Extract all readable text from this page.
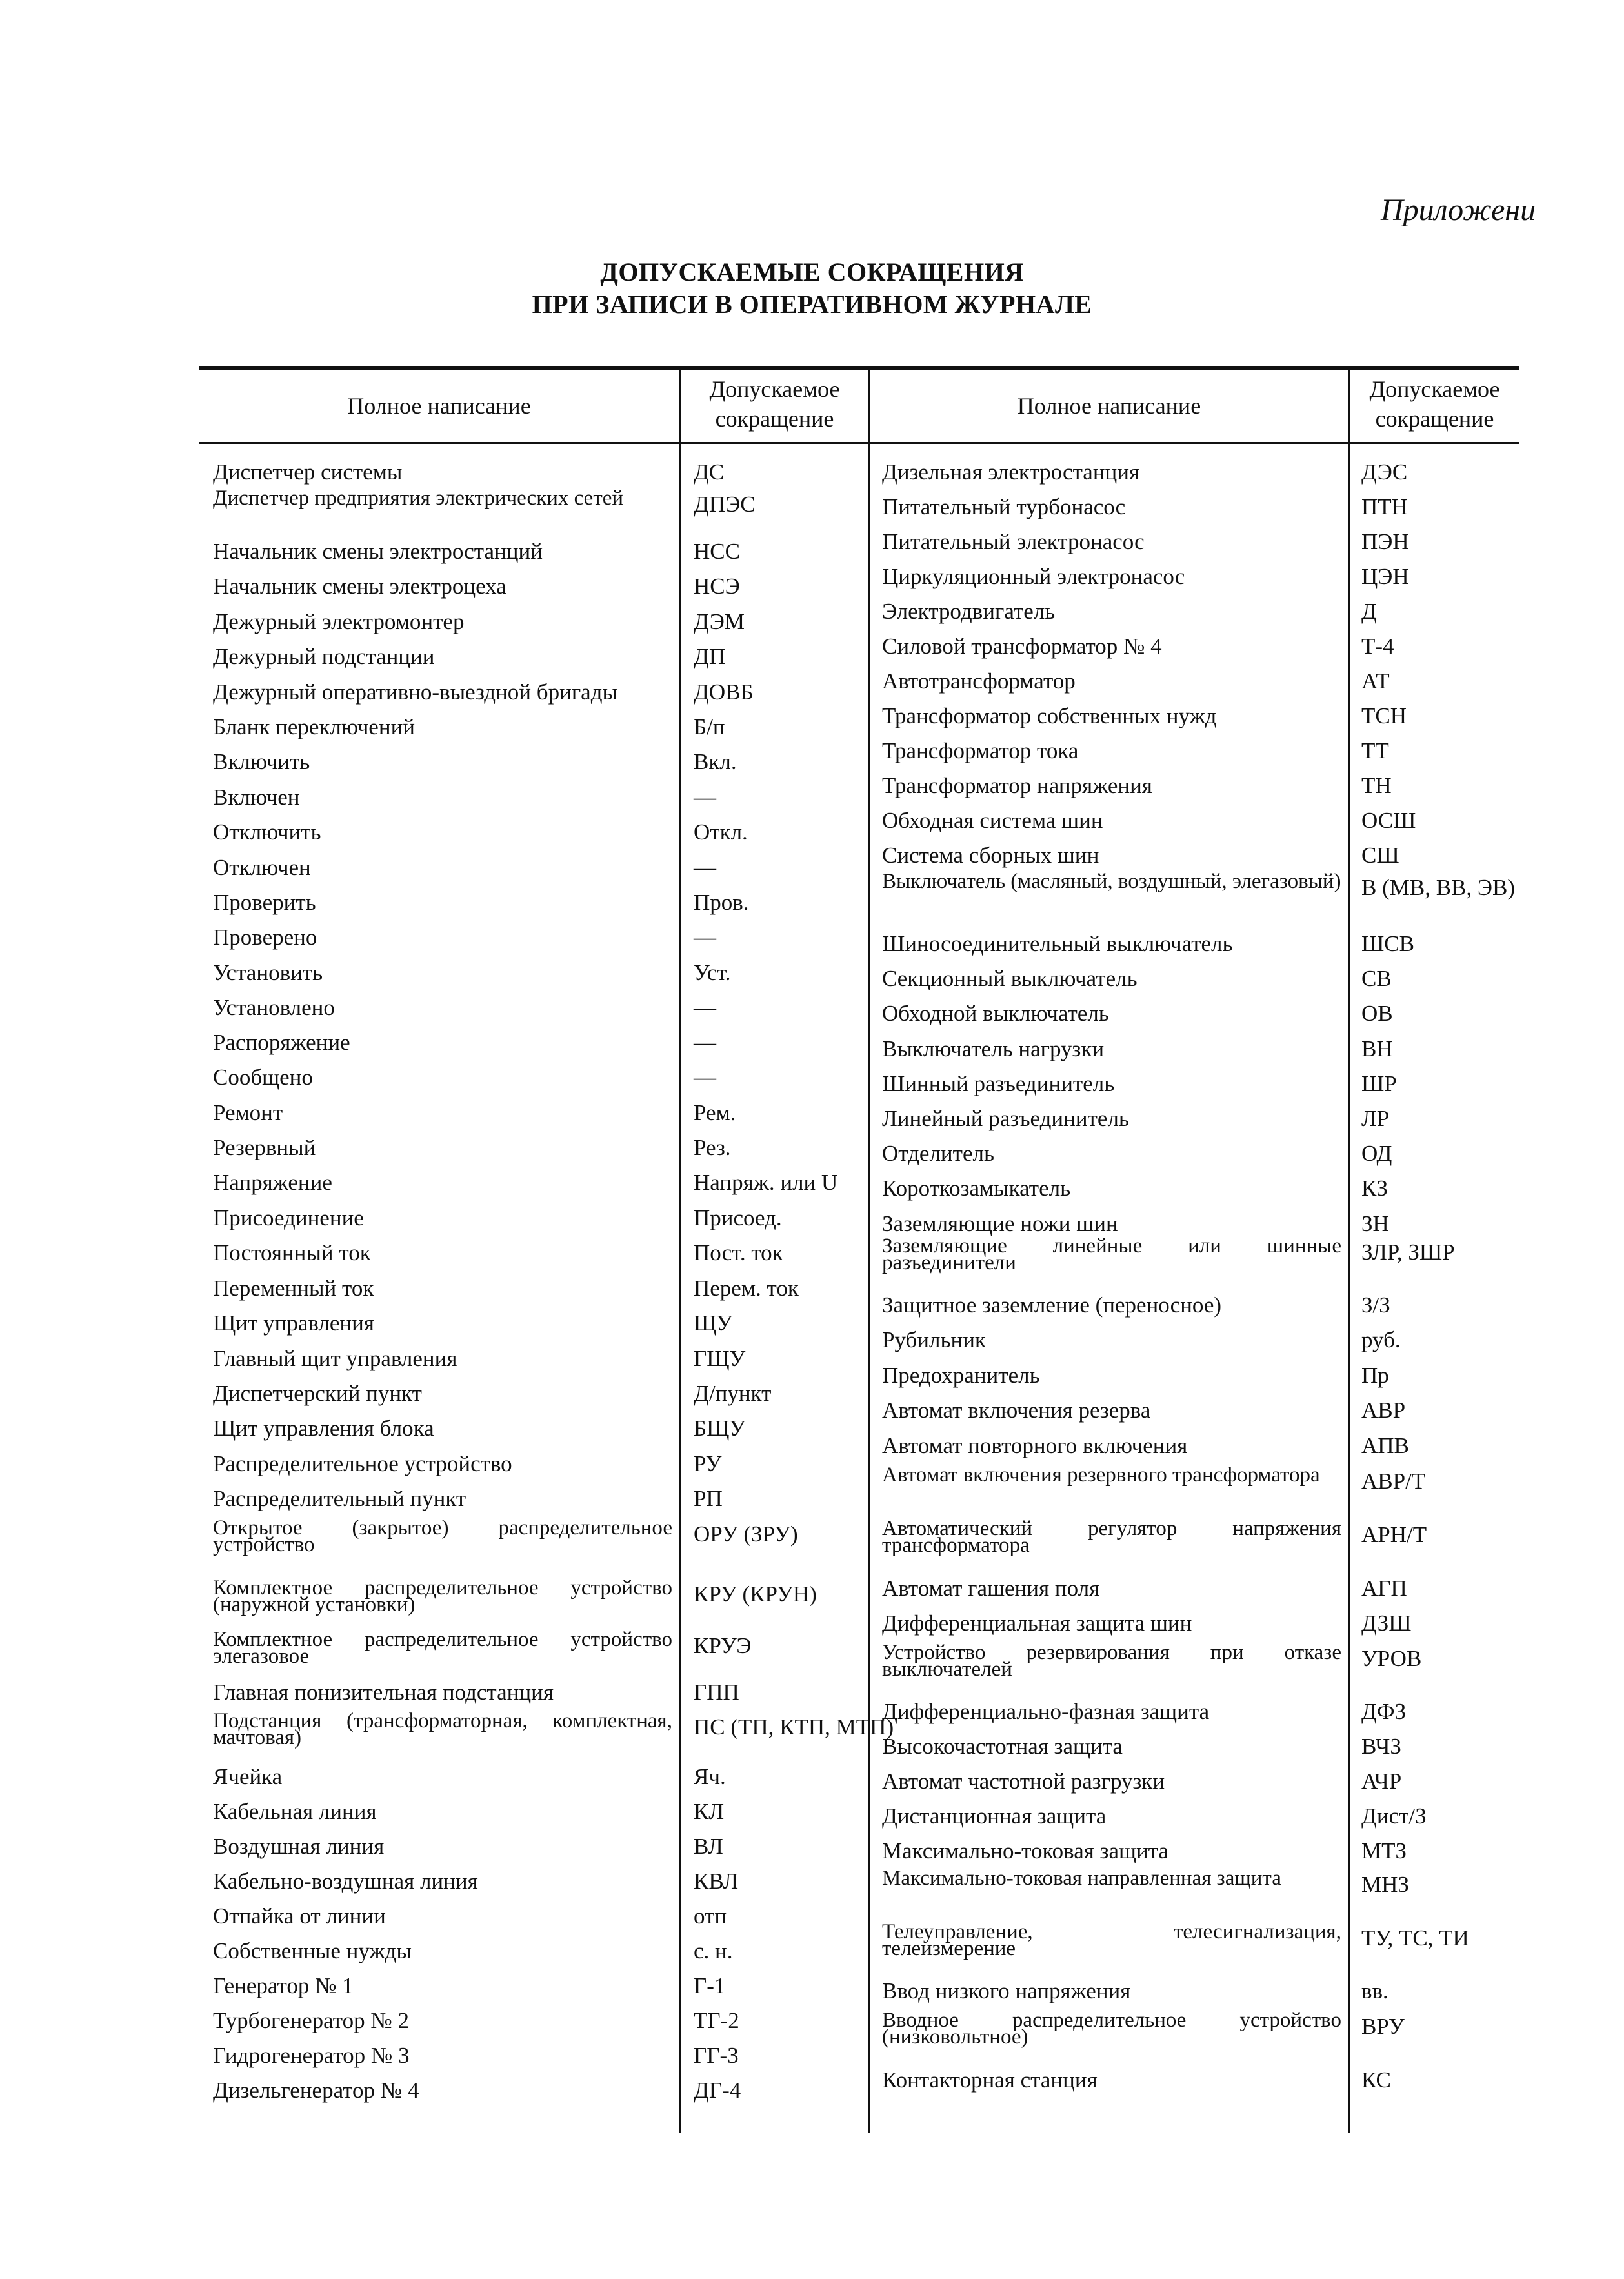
Приложени
ДОПУСКАЕМЫЕ СОКРАЩЕНИЯ
ПРИ ЗАПИСИ В ОПЕРАТИВНОМ ЖУРНАЛЕ
Полное написание
Допускаемое
сокращение	Полное написание
Допускаемое
сокращение
Диспетчер системы	ДС
Диспетчер предприятия электрических сетей	ДПЭС
Начальник смены электростанций	НСС
Начальник смены электроцеха	НСЭ
Дежурный электромонтер	ДЭМ
Дежурный подстанции	ДП
Дежурный оперативно-выездной бригады	ДОВБ
Бланк переключений	Б/п
Включить	Вкл.
Включен	—
Отключить	Откл.
Отключен	—
Проверить	Пров.
Проверено	—
Установить	Уст.
Установлено	—
Распоряжение	—
Сообщено	—
Ремонт	Рем.
Резервный	Рез.
Напряжение	Напряж. или U
Присоединение	Присоед.
Постоянный ток	Пост. ток
Переменный ток	Перем. ток
Щит управления	ЩУ
Главный щит управления	ГЩУ
Диспетчерский пункт	Д/пункт
Щит управления блока	БЩУ
Распределительное устройство	РУ
Распределительный пункт	РП
Открытое (закрытое) распределительное устройство	ОРУ (ЗРУ)
Комплектное распределительное устройство (наружной установки)	КРУ (КРУН)
Комплектное распределительное устройство элегазовое	КРУЭ
Главная понизительная подстанция	ГПП
Подстанция (трансформаторная, комплектная, мачтовая)	ПС (ТП, КТП, МТП)
Ячейка	Яч.
Кабельная линия	КЛ
Воздушная линия	ВЛ
Кабельно-воздушная линия	КВЛ
Отпайка от линии	отп
Собственные нужды	с. н.
Генератор № 1	Г-1
Турбогенератор № 2	ТГ-2
Гидрогенератор № 3	ГГ-3
Дизельгенератор № 4	ДГ-4
Дизельная электростанция	ДЭС
Питательный турбонасос	ПТН
Питательный электронасос	ПЭН
Циркуляционный электронасос	ЦЭН
Электродвигатель	Д
Силовой трансформатор № 4	Т-4
Автотрансформатор	АТ
Трансформатор собственных нужд	ТСН
Трансформатор тока	ТТ
Трансформатор напряжения	ТН
Обходная система шин	ОСШ
Система сборных шин	СШ
Выключатель (масляный, воздушный, элегазовый) В (МВ, ВВ, ЭВ)
Шиносоединительный выключатель	ШСВ
Секционный выключатель	СВ
Обходной выключатель	ОВ
Выключатель нагрузки	ВН
Шинный разъединитель	ШР
Линейный разъединитель	ЛР
Отделитель	ОД
Короткозамыкатель	КЗ
Заземляющие ножи шин	ЗН
Заземляющие линейные или шинные разъединители	ЗЛР, ЗШР
Защитное заземление (переносное)	З/З
Рубильник	руб.
Предохранитель	Пр
Автомат включения резерва	АВР
Автомат повторного включения	АПВ
Автомат включения резервного трансформатора	АВР/Т
Автоматический регулятор напряжения трансформатора	АРН/Т
Автомат гашения поля	АГП
Дифференциальная защита шин	ДЗШ
Устройство резервирования при отказе выключателей	УРОВ
Дифференциально-фазная защита	ДФЗ
Высокочастотная защита	ВЧЗ
Автомат частотной разгрузки	АЧР
Дистанционная защита	Дист/З
Максимально-токовая защита	МТЗ
Максимально-токовая направленная защита	МНЗ
Телеуправление, телесигнализация, телеизмерение	ТУ, ТС, ТИ
Ввод низкого напряжения	вв.
Вводное распределительное устройство (низковольтное)	ВРУ
Контакторная станция	КС
